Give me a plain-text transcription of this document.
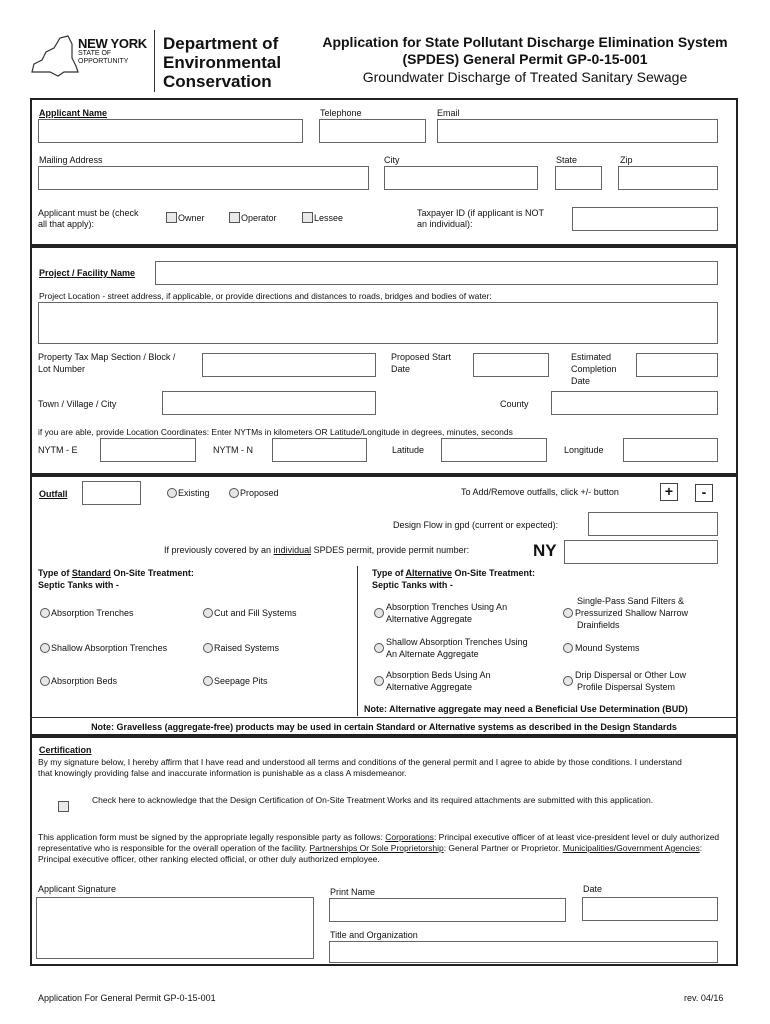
NEW YORK
STATE OF
OPPORTUNITY
Department of
Environmental
Conservation
Application for State Pollutant Discharge Elimination System
(SPDES) General Permit GP-0-15-001
Groundwater Discharge of Treated Sanitary Sewage
Applicant Name	Telephone	Email
Mailing Address	City	State	Zip
Applicant must be (check
all that apply):
Owner	Operator	Lessee	Taxpayer ID (if applicant is NOT
an individual):
Project / Facility Name
Project Location - street address, if applicable, or provide directions and distances to roads, bridges and bodies of water:
Property Tax Map Section / Block /
Lot Number
Proposed Start
Date
Estimated
Completion
Date
Town / Village / City	County
if you are able, provide Location Coordinates: Enter NYTMs in kilometers OR Latitude/Longitude in degrees, minutes, seconds
NYTM - E	NYTM - N	Latitude	Longitude
Outfall	Existing	Proposed	To Add/Remove outfalls, click +/- button	+	-
Design Flow in gpd (current or expected):
If previously covered by an individual SPDES permit, provide permit number:	NY
Type of Standard On-Site Treatment:
Septic Tanks with -
Type of Alternative On-Site Treatment:
Septic Tanks with -
Absorption Trenches	Cut and Fill Systems
Shallow Absorption Trenches	Raised Systems
Absorption Beds	Seepage Pits
Absorption Trenches Using An
Alternative Aggregate
Single-Pass Sand Filters &
Pressurized Shallow Narrow
Drainfields
Shallow Absorption Trenches Using
An Alternate Aggregate
Mound Systems
Absorption Beds Using An
Alternative Aggregate
Drip Dispersal or Other Low
Profile Dispersal System
Note: Alternative aggregate may need a Beneficial Use Determination (BUD)
Note: Gravelless (aggregate-free) products may be used in certain Standard or Alternative systems as described in the Design Standards
Certification
By my signature below, I hereby affirm that I have read and understood all terms and conditions of the general permit and I agree to abide by those conditions. I understand that knowingly providing false and inaccurate information is punishable as a class A misdemeanor.
Check here to acknowledge that the Design Certification of On-Site Treatment Works and its required attachments are submitted with this application.
This application form must be signed by the appropriate legally responsible party as follows: Corporations: Principal executive officer of at least vice-president level or duly authorized representative who is responsible for the overall operation of the facility. Partnerships Or Sole Proprietorship: General Partner or Proprietor. Municipalities/Government Agencies: Principal executive officer, other ranking elected official, or other duly authorized employee.
Applicant Signature	Print Name	Date
Title and Organization
Application For General Permit GP-0-15-001	rev. 04/16
